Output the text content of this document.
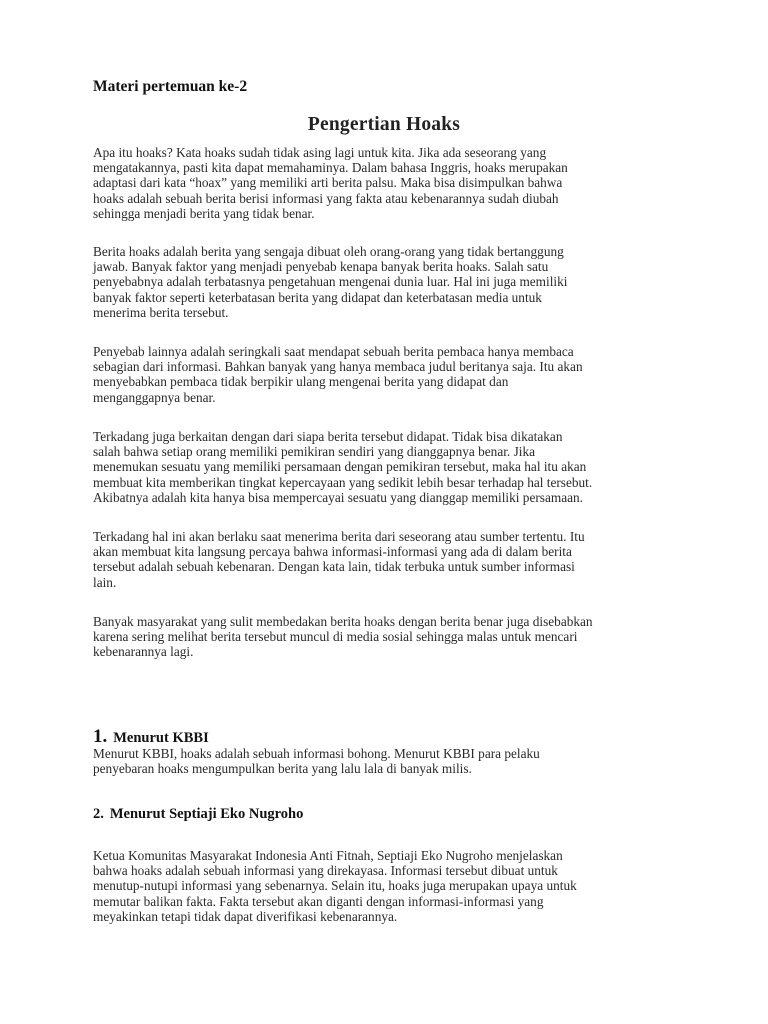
Materi pertemuan ke-2
Pengertian Hoaks

Apa itu hoaks? Kata hoaks sudah tidak asing lagi untuk kita. Jika ada seseorang yang
mengatakannya, pasti kita dapat memahaminya. Dalam bahasa Inggris, hoaks merupakan
adaptasi dari kata “hoax” yang memiliki arti berita palsu. Maka bisa disimpulkan bahwa
hoaks adalah sebuah berita berisi informasi yang fakta atau kebenarannya sudah diubah
sehingga menjadi berita yang tidak benar.

Berita hoaks adalah berita yang sengaja dibuat oleh orang-orang yang tidak bertanggung
jawab. Banyak faktor yang menjadi penyebab kenapa banyak berita hoaks. Salah satu
penyebabnya adalah terbatasnya pengetahuan mengenai dunia luar. Hal ini juga memiliki
banyak faktor seperti keterbatasan berita yang didapat dan keterbatasan media untuk
menerima berita tersebut.

Penyebab lainnya adalah seringkali saat mendapat sebuah berita pembaca hanya membaca
sebagian dari informasi. Bahkan banyak yang hanya membaca judul beritanya saja. Itu akan
menyebabkan pembaca tidak berpikir ulang mengenai berita yang didapat dan
menganggapnya benar.

Terkadang juga berkaitan dengan dari siapa berita tersebut didapat. Tidak bisa dikatakan
salah bahwa setiap orang memiliki pemikiran sendiri yang dianggapnya benar. Jika
menemukan sesuatu yang memiliki persamaan dengan pemikiran tersebut, maka hal itu akan
membuat kita memberikan tingkat kepercayaan yang sedikit lebih besar terhadap hal tersebut.
Akibatnya adalah kita hanya bisa mempercayai sesuatu yang dianggap memiliki persamaan.

Terkadang hal ini akan berlaku saat menerima berita dari seseorang atau sumber tertentu. Itu
akan membuat kita langsung percaya bahwa informasi-informasi yang ada di dalam berita
tersebut adalah sebuah kebenaran. Dengan kata lain, tidak terbuka untuk sumber informasi
lain.

Banyak masyarakat yang sulit membedakan berita hoaks dengan berita benar juga disebabkan
karena sering melihat berita tersebut muncul di media sosial sehingga malas untuk mencari
kebenarannya lagi.

1. Menurut KBBI

Menurut KBBI, hoaks adalah sebuah informasi bohong. Menurut KBBI para pelaku
penyebaran hoaks mengumpulkan berita yang lalu lala di banyak milis.

2. Menurut Septiaji Eko Nugroho

Ketua Komunitas Masyarakat Indonesia Anti Fitnah, Septiaji Eko Nugroho menjelaskan
bahwa hoaks adalah sebuah informasi yang direkayasa. Informasi tersebut dibuat untuk
menutup-nutupi informasi yang sebenarnya. Selain itu, hoaks juga merupakan upaya untuk
memutar balikan fakta. Fakta tersebut akan diganti dengan informasi-informasi yang
meyakinkan tetapi tidak dapat diverifikasi kebenarannya.
